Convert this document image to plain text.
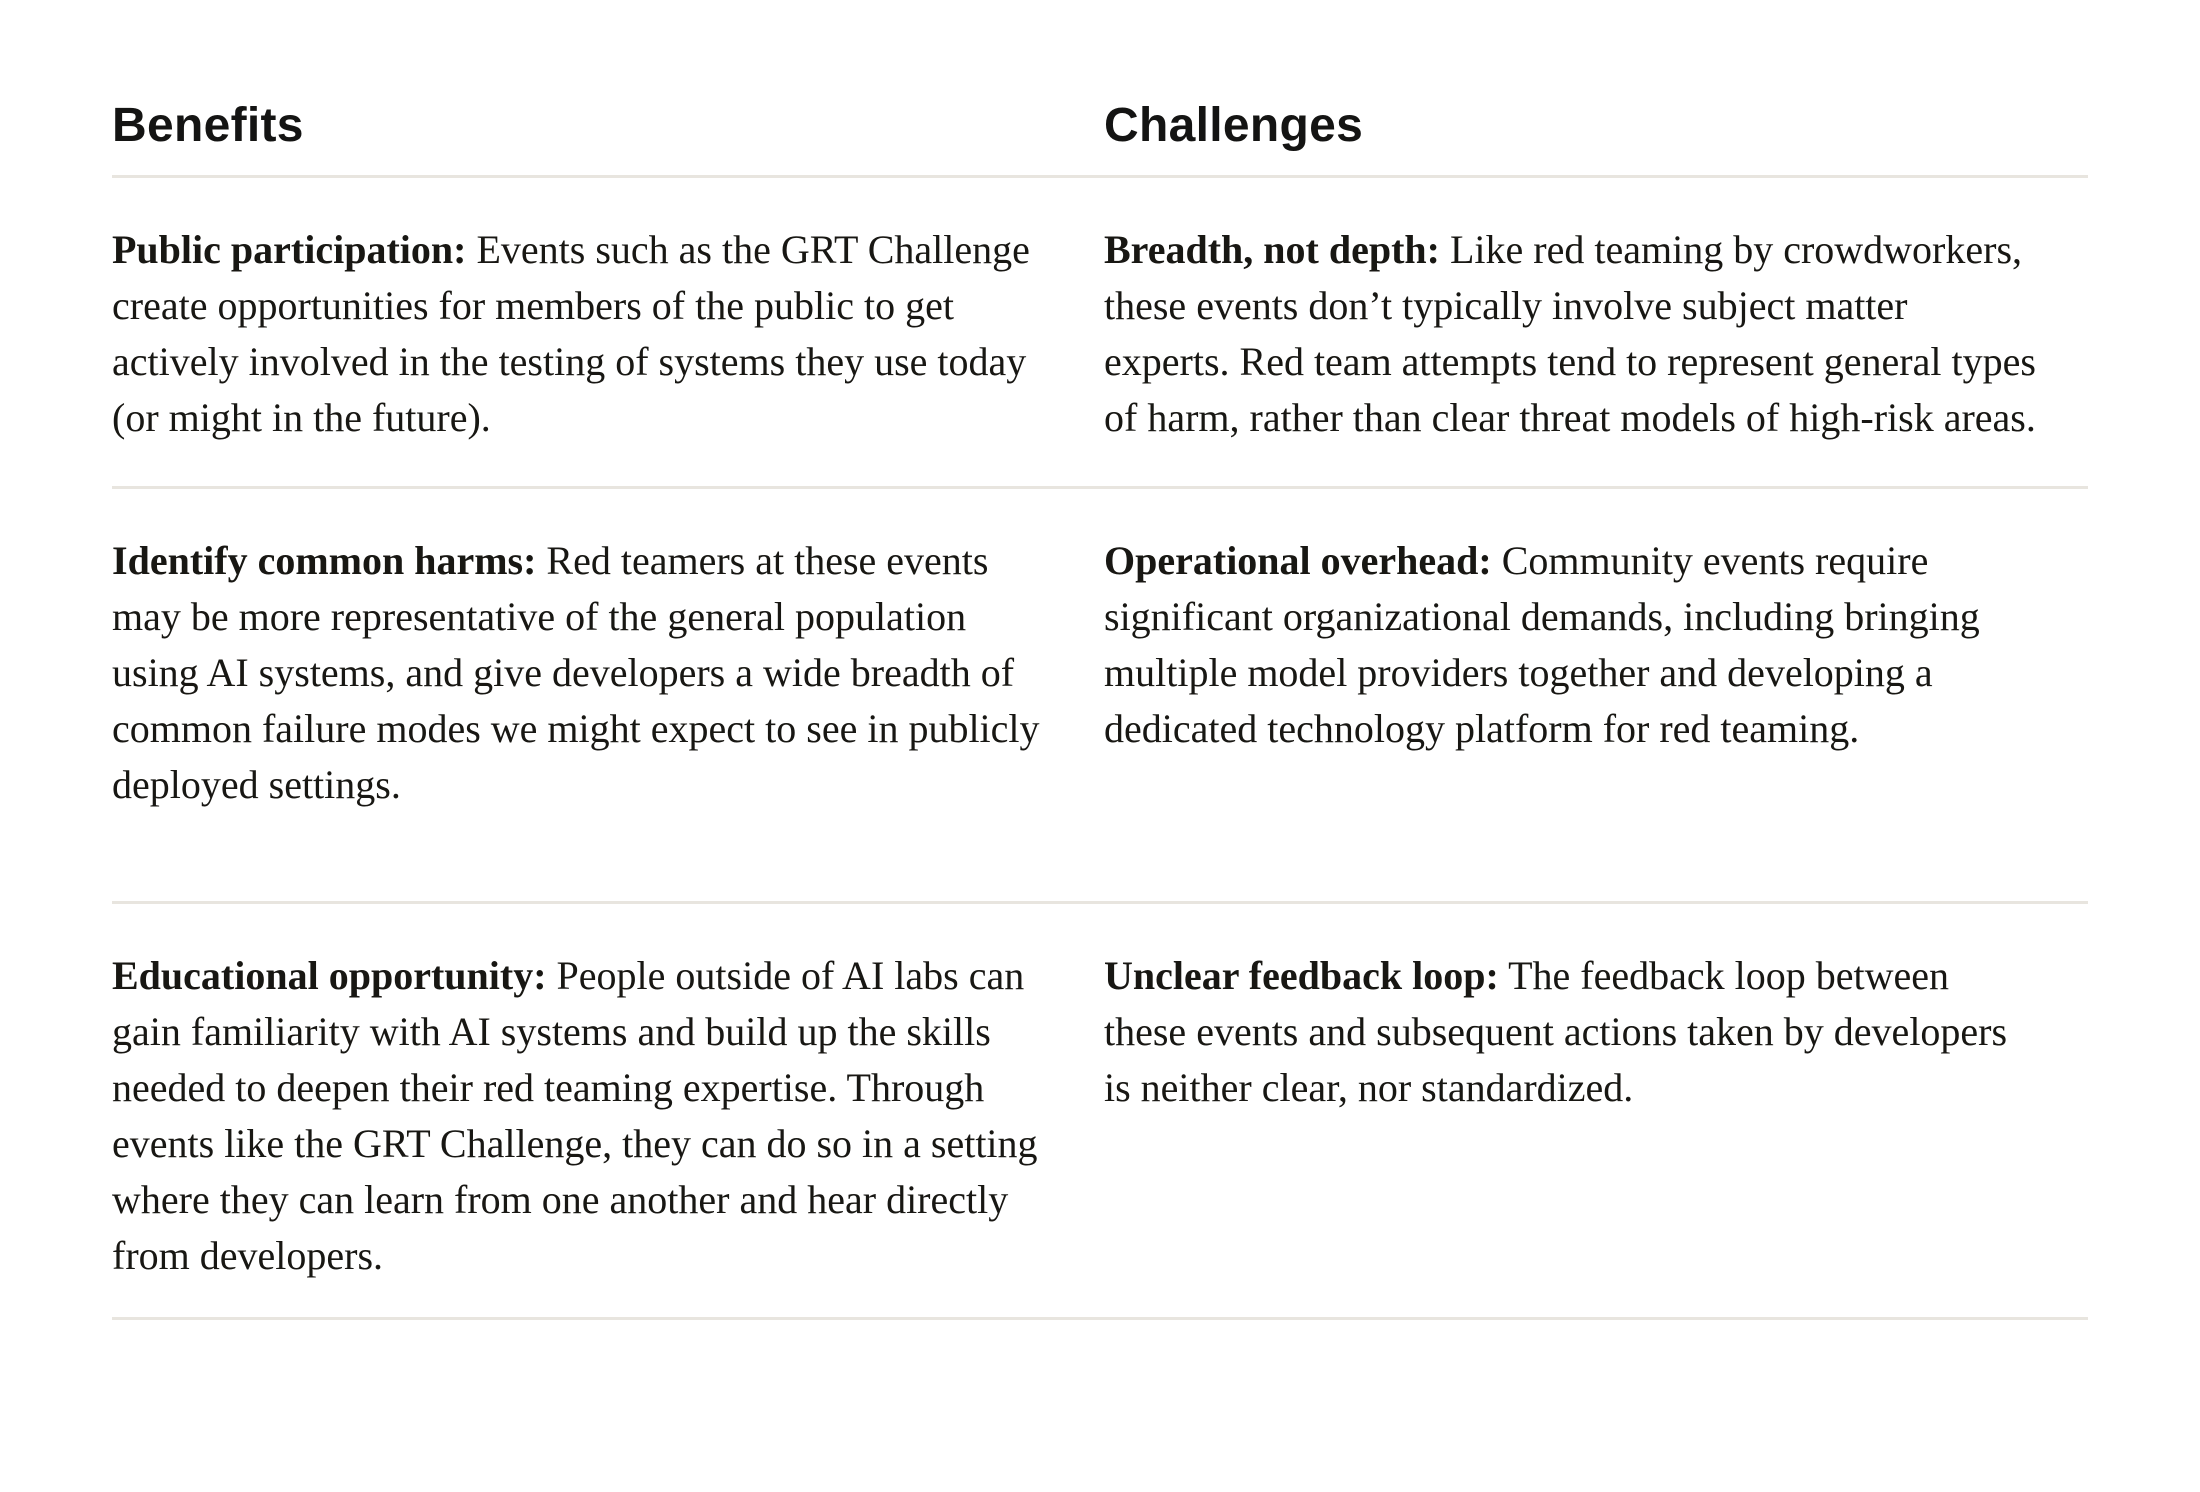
Benefits	Challenges

Public participation: Events such as the GRT Challenge create opportunities for members of the public to get actively involved in the testing of systems they use today (or might in the future).

Breadth, not depth: Like red teaming by crowdworkers, these events don’t typically involve subject matter experts. Red team attempts tend to represent general types of harm, rather than clear threat models of high-risk areas.

Identify common harms: Red teamers at these events may be more representative of the general population using AI systems, and give developers a wide breadth of common failure modes we might expect to see in publicly deployed settings.

Operational overhead: Community events require significant organizational demands, including bringing multiple model providers together and developing a dedicated technology platform for red teaming.

Educational opportunity: People outside of AI labs can gain familiarity with AI systems and build up the skills needed to deepen their red teaming expertise. Through events like the GRT Challenge, they can do so in a setting where they can learn from one another and hear directly from developers.

Unclear feedback loop: The feedback loop between these events and subsequent actions taken by developers is neither clear, nor standardized.
